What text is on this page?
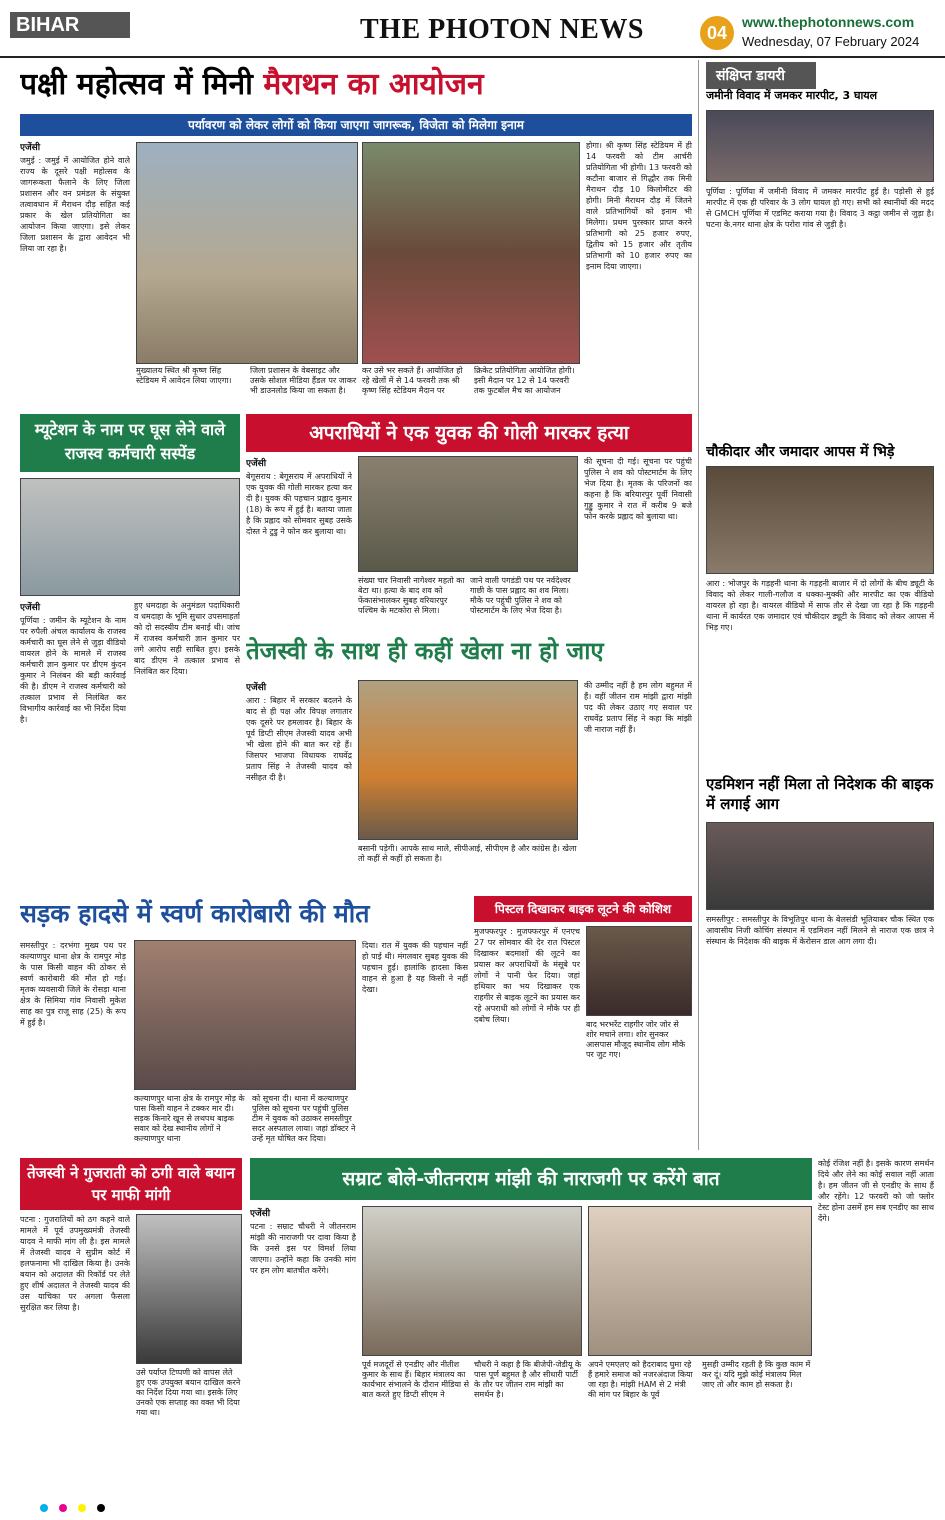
BIHAR	THE PHOTON NEWS	04
www.thephotonnews.com
Wednesday, 07 February 2024
पक्षी महोत्सव में मिनी मैराथन का आयोजन
पर्यावरण को लेकर लोगों को किया जाएगा जागरूक, विजेता को मिलेगा इनाम
एजेंसी
जमुई : जमुई में आयोजित होने वाले राज्य के दूसरे पक्षी महोत्सव के जागरूकता फैलाने के लिए जिला प्रशासन और वन प्रमंडल के संयुक्त तत्वावधान में मैराथन दौड़ सहित कई प्रकार के खेल प्रतियोगिता का आयोजन किया जाएगा। इसे लेकर जिला प्रशासन के द्वारा आवेदन भी लिया जा रहा है।
मुख्यालय स्थित श्री कृष्ण सिंह स्टेडियम में आवेदन लिया जाएगा।
जिला प्रशासन के वेबसाइट और उसके सोशल मीडिया हैंडल पर जाकर भी डाउनलोड किया जा सकता है।
कर उसे भर सकते हैं। आयोजित हो रहे खेलों में से 14 फरवरी तक श्री कृष्ण सिंह स्टेडियम मैदान पर
क्रिकेट प्रतियोगिता आयोजित होगी। इसी मैदान पर 12 से 14 फरवरी तक फुटबॉल मैच का आयोजन
होगा। श्री कृष्ण सिंह स्टेडियम में ही 14 फरवरी को टीम आर्चरी प्रतियोगिता भी होगी। 13 फरवरी को कटौना बाजार से गिद्धौर तक मिनी मैराथन दौड़ 10 किलोमीटर की होगी। मिनी मैराथन दौड़ में जितने वाले प्रतिभागियों को इनाम भी मिलेगा। प्रथम पुरस्कार प्राप्त करने प्रतिभागी को 25 हजार रुपए, द्वितीय को 15 हजार और तृतीय प्रतिभागी को 10 हजार रुपए का इनाम दिया जाएगा।
संक्षिप्त डायरी
जमीनी विवाद में जमकर मारपीट, 3 घायल
पूर्णिया : पूर्णिया में जमीनी विवाद में जमकर मारपीट हुई है। पड़ोसी से हुई मारपीट में एक ही परिवार के 3 लोग घायल हो गए। सभी को स्थानीयों की मदद से GMCH पूर्णिया में एडमिट कराया गया है। विवाद 3 कट्ठा जमीन से जुड़ा है। घटना के.नगर थाना क्षेत्र के परोरा गांव से जुड़ी है।
चौकीदार और जमादार आपस में भिड़े
आरा : भोजपुर के गड़हनी थाना के गड़हनी बाजार में दो लोगों के बीच ड्यूटी के विवाद को लेकर गाली-गलौज व धक्का-मुक्की और मारपीट का एक वीडियो वायरल हो रहा है। वायरल वीडियो में साफ तौर से देखा जा रहा है कि गड़हनी थाना में कार्यरत एक जमादार एवं चौकीदार ड्यूटी के विवाद को लेकर आपस में भिड़ गए।
एडमिशन नहीं मिला तो निदेशक की बाइक में लगाई आग
समस्तीपुर : समस्तीपुर के विभूतिपुर थाना के बेलसंडी भूतियाबर चौक स्थित एक आवासीय निजी कोचिंग संस्थान में एडमिशन नहीं मिलने से नाराज एक छात्र ने संस्थान के निदेशक की बाइक में केरोसन डाल आग लगा दी।
म्यूटेशन के नाम पर घूस लेने वाले राजस्व कर्मचारी सस्पेंड
एजेंसी
पूर्णिया : जमीन के म्यूटेशन के नाम पर रुपैली अंचल कार्यालय के राजस्व कर्मचारी का घूस लेने से जुड़ा वीडियो वायरल होने के मामले में राजस्व कर्मचारी ज्ञान कुमार पर डीएम कुंदन कुमार ने निलंबन की बड़ी कार्रवाई की है। डीएम ने राजस्व कर्मचारी को तत्काल प्रभाव से निलंबित कर विभागीय कार्रवाई का भी निर्देश दिया है।
हुए धमदाहा के अनुमंडल पदाधिकारी व धमदाहा के भूमि सुधार उपसमाहर्ता को दो सदस्यीय टीम बनाई थी। जांच में राजस्व कर्मचारी ज्ञान कुमार पर लगे आरोप सही साबित हुए। इसके बाद डीएम ने तत्काल प्रभाव से निलंबित कर दिया।
अपराधियों ने एक युवक की गोली मारकर हत्या
एजेंसी
बेगूसराय : बेगूसराय में अपराधियों ने एक युवक की गोली मारकर हत्या कर दी है। युवक की पहचान प्रह्लाद कुमार (18) के रूप में हुई है। बताया जाता है कि प्रह्लाद को सोमवार सुबह उसके दोस्त ने टुडु ने फोन कर बुलाया था।
संख्या चार निवासी नागेश्वर महतो का बेटा था। हत्या के बाद शव को फेंकासंभालकर सुबह वरियारपुर पश्चिम के मटकोरा से मिला।
जाने वाली पगडंडी पथ पर नर्वदेश्वर गाछी के पास प्रह्लाद का शव मिला। मौके पर पहुंची पुलिस ने शव को पोस्टमार्टम के लिए भेज दिया है।
की सूचना दी गई। सूचना पर पहुंची पुलिस ने शव को पोस्टमार्टम के लिए भेज दिया है। मृतक के परिजनों का कहना है कि बरियारपुर पूर्वी निवासी गुड्डु कुमार ने रात में करीब 9 बजे फोन करके प्रह्लाद को बुलाया था।
तेजस्वी के साथ ही कहीं खेला ना हो जाए
एजेंसी
आरा : बिहार में सरकार बदलने के बाद से ही पक्ष और विपक्ष लगातार एक दूसरे पर हमलावर है। बिहार के पूर्व डिप्टी सीएम तेजस्वी यादव अभी भी खेला होने की बात कर रहे हैं। जिसपर भाजपा विधायक राघवेंद्र प्रताप सिंह ने तेजस्वी यादव को नसीहत दी है।
बसानी पड़ेगी। आपके साथ माले, सीपीआई, सीपीएम है और कांग्रेस है। खेला तो कहीं से कहीं हो सकता है।
की उम्मीद नहीं है हम लोग बहुमत में हैं। वहीं जीतन राम मांझी द्वारा मांझी पद की लेकर उठाए गए सवाल पर राघवेंद्र प्रताप सिंह ने कहा कि मांझी जी नाराज नहीं हैं।
सड़क हादसे में स्वर्ण कारोबारी की मौत
समस्तीपुर : दरभंगा मुख्य पथ पर कल्याणपुर थाना क्षेत्र के रामपुर मोड़ के पास किसी वाहन की ठोकर से स्वर्ण कारोबारी की मौत हो गई। मृतक व्यवसायी जिले के रोसड़ा थाना क्षेत्र के सिमिया गांव निवासी मुकेश साह का पुत्र राजू साह (25) के रूप में हुई है।
कल्याणपुर थाना क्षेत्र के रामपुर मोड़ के पास किसी वाहन ने टक्कर मार दी। सड़क किनारे खून से लथपथ बाइक सवार को देख स्थानीय लोगों ने कल्याणपुर थाना
को सूचना दी। थाना में कल्याणपुर पुलिस को सूचना पर पहुंची पुलिस टीम ने युवक को उठाकर समस्तीपुर सदर अस्पताल लाया। जहां डॉक्टर ने उन्हें मृत घोषित कर दिया।
दिया। रात में युवक की पहचान नहीं हो पाई थी। मंगलवार सुबह युवक की पहचान हुई। हालांकि हादसा किस वाहन से हुआ है यह किसी ने नहीं देखा।
पिस्टल दिखाकर बाइक लूटने की कोशिश
मुजफ्फरपुर : मुजफ्फरपुर में एनएच 27 पर सोमवार की देर रात पिस्टल दिखाकर बदमाशों की लूटने का प्रयास कर अपराधियों के मंसूबे पर लोगों ने पानी फेर दिया। जहां हथियार का भय दिखाकर एक राहगीर से बाइक लूटने का प्रयास कर रहे अपराधी को लोगों ने मौके पर ही दबोच लिया।
बाद भरभरेंट राहगीर जोर जोर से शोर मचाने लगा। शोर सुनकर आसपास मौजूद स्थानीय लोग मौके पर जुट गए।
तेजस्वी ने गुजराती को ठगी वाले बयान पर माफी मांगी
पटना : गुजरातियों को ठग कहने वाले मामले में पूर्व उपमुख्यमंत्री तेजस्वी यादव ने माफी मांग ली है। इस मामले में तेजस्वी यादव ने सुप्रीम कोर्ट में हलफनामा भी दाखिल किया है। उनके बयान को अदालत की रिकॉर्ड पर लेते हुए शीर्ष अदालत ने तेजस्वी यादव की उस याचिका पर अगला फैसला सुरक्षित कर लिया है।
उसे पर्याप्त टिप्पणी को वापस लेते हुए एक उपयुक्त बयान दाखिल करने का निर्देश दिया गया था। इसके लिए उनको एक सप्ताह का वक्त भी दिया गया था।
सम्राट बोले-जीतनराम मांझी की नाराजगी पर करेंगे बात
एजेंसी
पटना : सम्राट चौधरी ने जीतनराम मांझी की नाराजगी पर दावा किया है कि उनसे इस पर विमर्श लिया जाएगा। उन्होंने कहा कि उनकी मांग पर हम लोग बातचीत करेंगे।
पूर्व मजदूरों से एनडीए और नीतीश कुमार के साथ हैं। बिहार मंत्रालय का कार्यभार संभालने के दौरान मीडिया से बात करते हुए डिप्टी सीएम ने
चौधरी ने कहा है कि बीजेपी-जेडीयू के पास पूर्ण बहुमत है और सीधारी पार्टी के तौर पर जीतन राम मांझी का समर्थन है।
अपने एमएलए को हैदराबाद घुमा रहे हैं हमारे समाज को नजरअंदाज किया जा रहा है। मांझी HAM से 2 मंत्री की मांग पर बिहार के पूर्व
मुसही उम्मीद रहती है कि कुछ काम में कर दूं। यदि मुझे कोई मंत्रालय मिल जाए तो और काम हो सकता है।
कोई रंजिश नहीं है। इसके कारण समर्थन दिये और लेने का कोई सवाल नहीं आता है। हम जीतन जी से एनडीए के साथ हैं और रहेंगे। 12 फरवरी को जो फ्लोर टेस्ट होना उसमें हम सब एनडीए का साथ देंगे।
